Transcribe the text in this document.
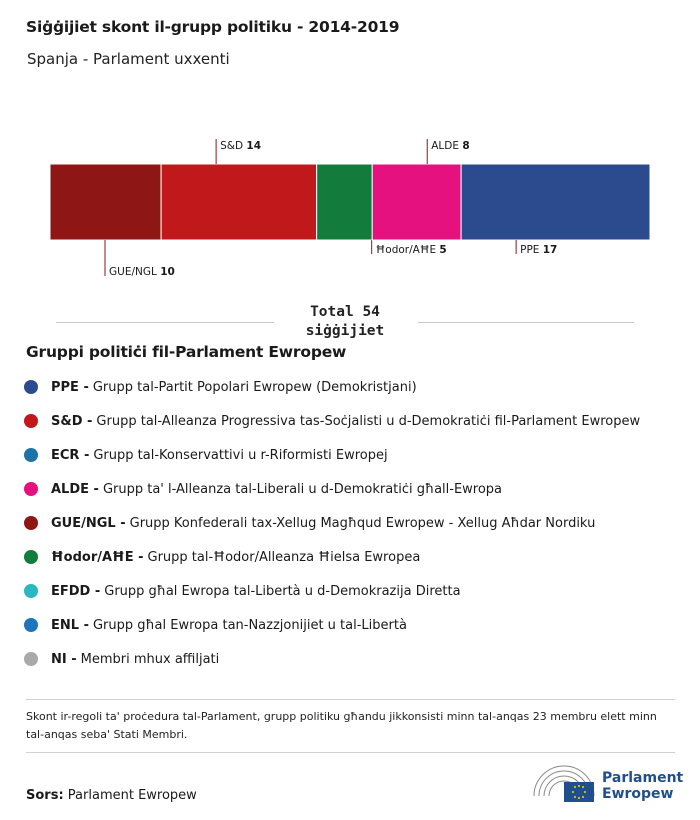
Siġġijiet skont il-grupp politiku - 2014-2019
Spanja - Parlament uxxenti
GUE/NGL 10
S&D 14
Ħodor/AĦE 5
ALDE 8
PPE 17
Total 54
siġġijiet
Gruppi politiċi fil-Parlament Ewropew
PPE - Grupp tal-Partit Popolari Ewropew (Demokristjani)
S&D - Grupp tal-Alleanza Progressiva tas-Soċjalisti u d-Demokratiċi fil-Parlament Ewropew
ECR - Grupp tal-Konservattivi u r-Riformisti Ewropej
ALDE - Grupp ta' l-Alleanza tal-Liberali u d-Demokratiċi għall-Ewropa
GUE/NGL - Grupp Konfederali tax-Xellug Magħqud Ewropew - Xellug Aħdar Nordiku
Ħodor/AĦE - Grupp tal-Ħodor/Alleanza Ħielsa Ewropea
EFDD - Grupp għal Ewropa tal-Libertà u d-Demokrazija Diretta
ENL - Grupp għal Ewropa tan-Nazzjonijiet u tal-Libertà
NI - Membri mhux affiljati
Skont ir-regoli ta' proċedura tal-Parlament, grupp politiku għandu jikkonsisti minn tal-anqas 23 membru elett minn tal-anqas seba' Stati Membri.
Sors: Parlament Ewropew
Parlament
Ewropew
